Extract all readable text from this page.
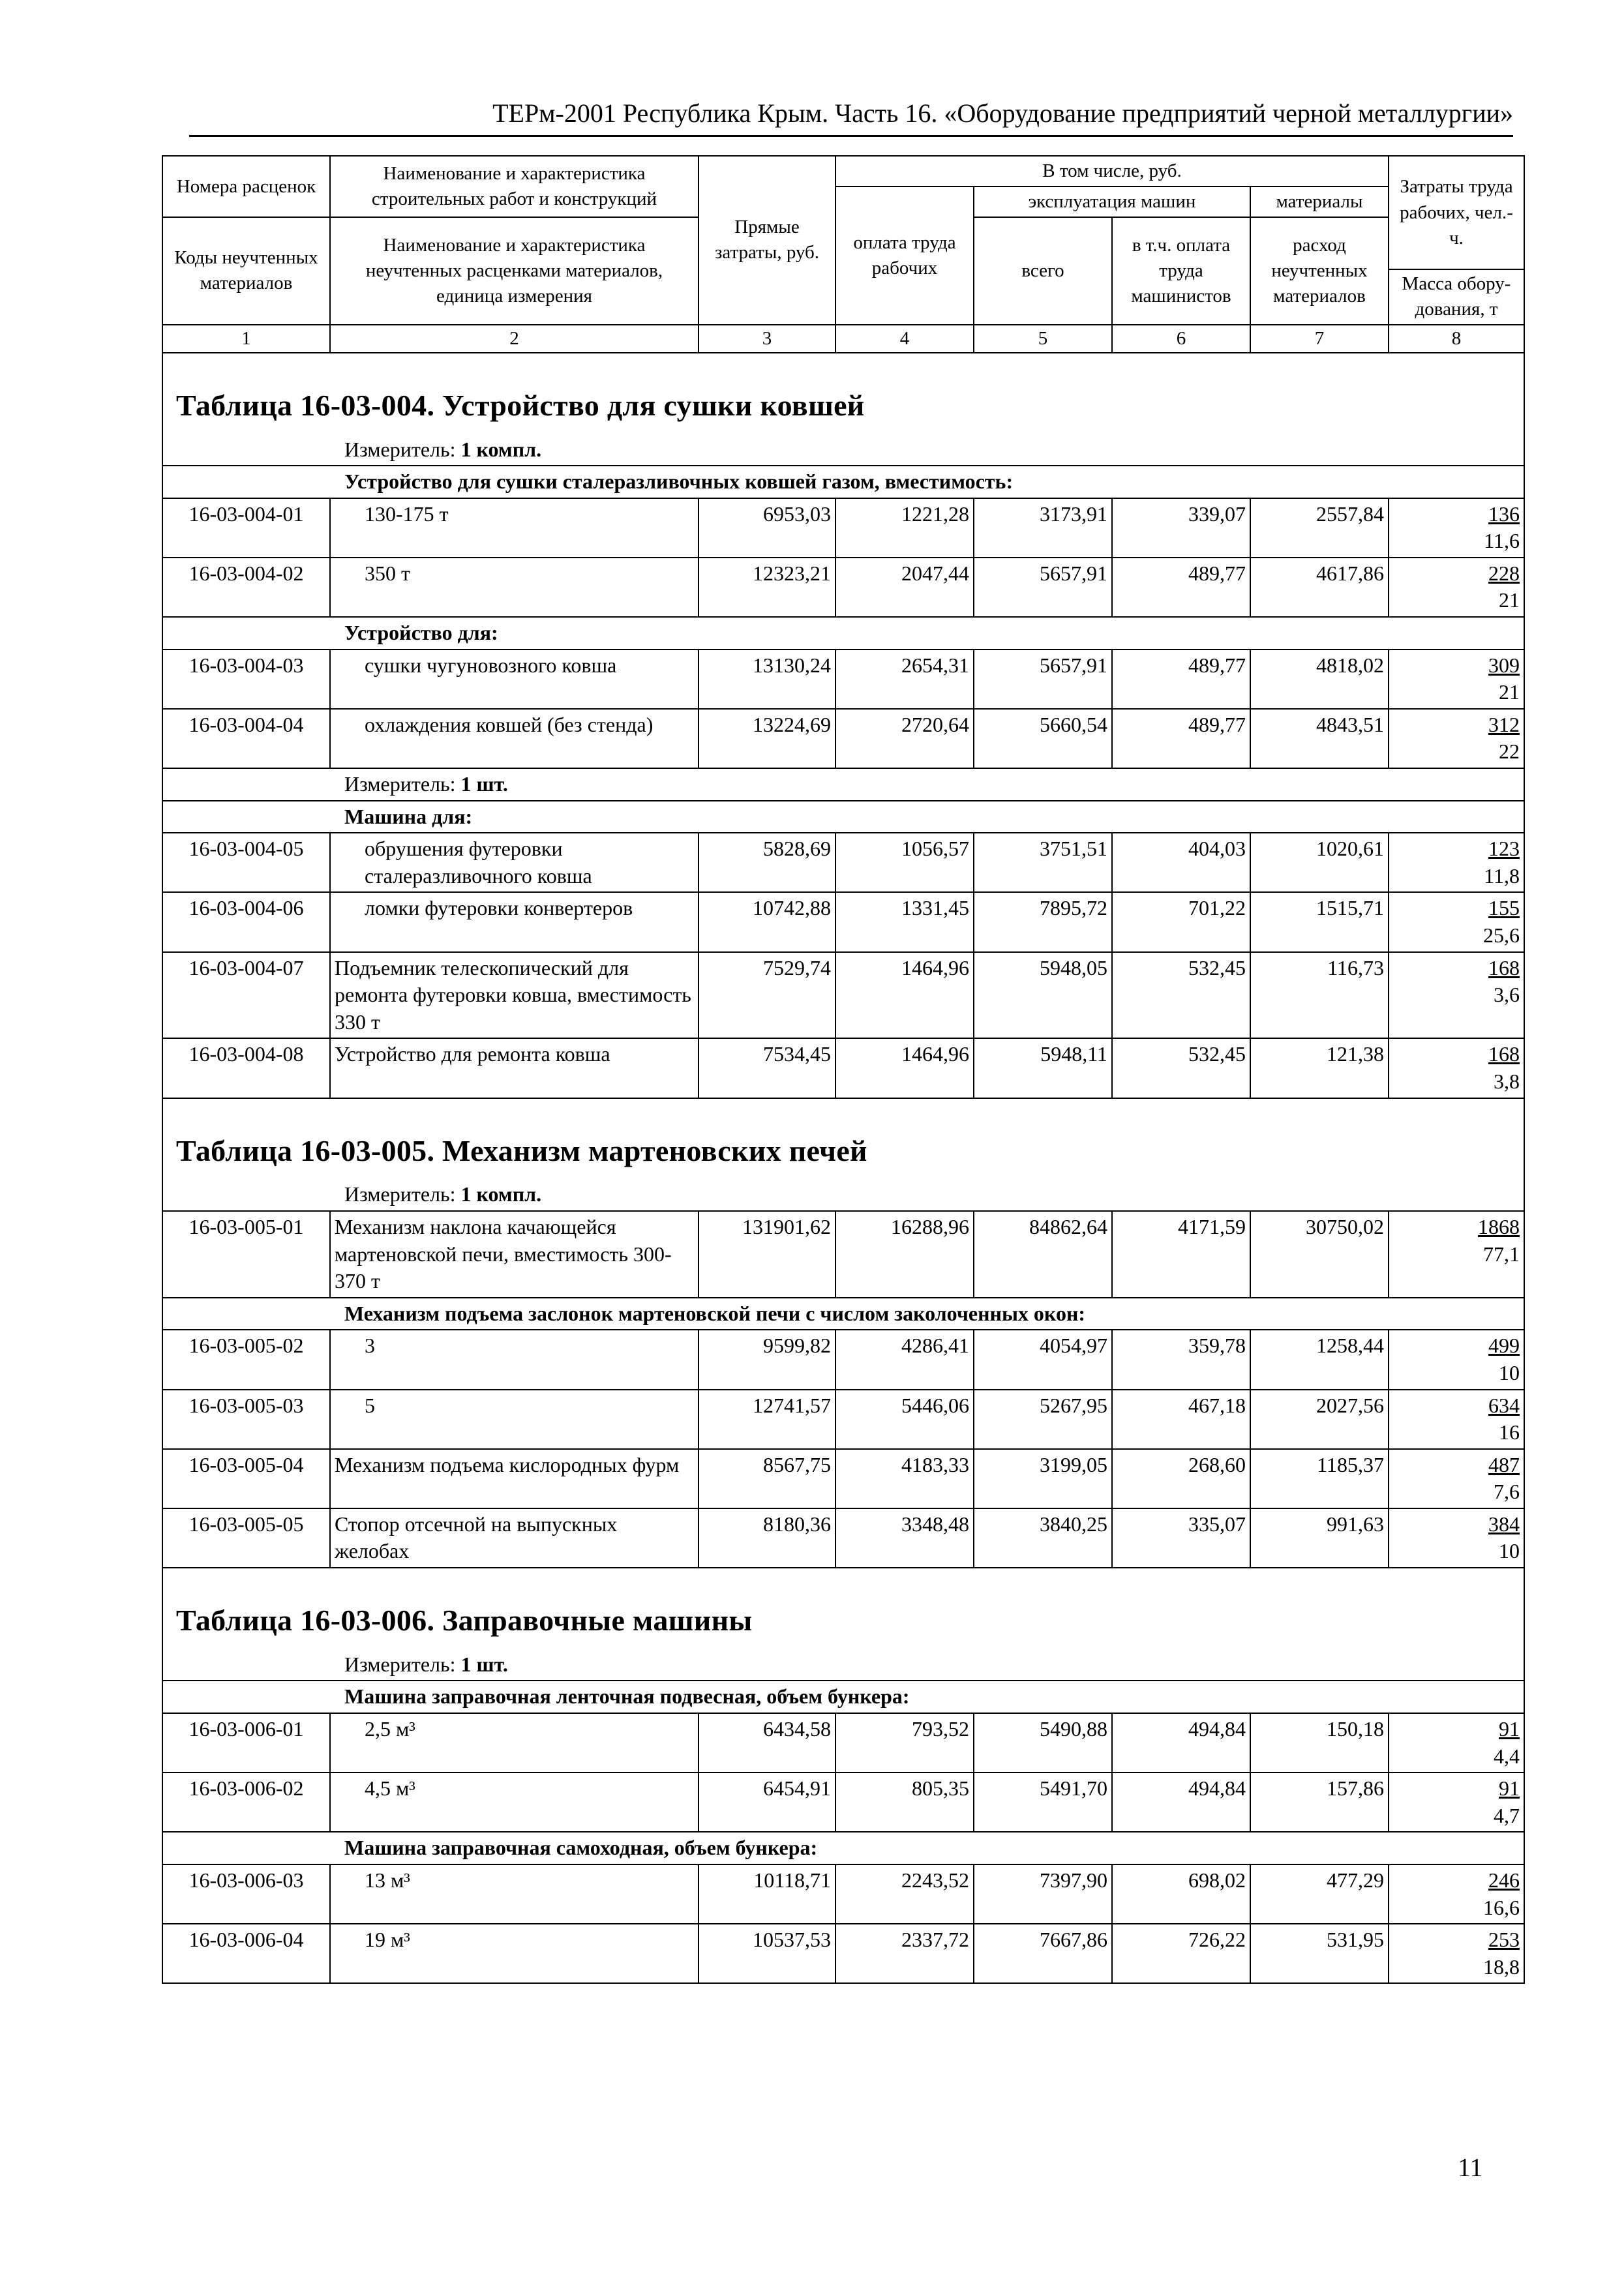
ТЕРм-2001 Республика Крым. Часть 16. «Оборудование предприятий черной металлургии»
Номера расценок	Наименование и характеристика строительных работ и конструкций	Прямые затраты, руб.	В том числе, руб.				Затраты труда рабочих, чел.-ч.
			оплата труда рабочих	эксплуатация машин		материалы	
Коды неучтенных материалов	Наименование и характеристика неучтенных расценками материалов, единица измерения			всего	в т.ч. оплата труда машинистов	расход неучтенных материалов	
							Масса обору-дования, т
1	2	3	4	5	6	7	8
Таблица 16-03-004. Устройство для сушки ковшей							
Измеритель: 1 компл.							
Устройство для сушки сталеразливочных ковшей газом, вместимость:							
16-03-004-01	130-175 т	6953,03	1221,28	3173,91	339,07	2557,84	136
11,6

16-03-004-02	350 т	12323,21	2047,44	5657,91	489,77	4617,86	228
21

Устройство для:							
16-03-004-03	сушки чугуновозного ковша	13130,24	2654,31	5657,91	489,77	4818,02	309
21

16-03-004-04	охлаждения ковшей (без стенда)	13224,69	2720,64	5660,54	489,77	4843,51	312
22

Измеритель: 1 шт.							
Машина для:							
16-03-004-05	обрушения футеровки сталеразливочного ковша	5828,69	1056,57	3751,51	404,03	1020,61	123
11,8

16-03-004-06	ломки футеровки конвертеров	10742,88	1331,45	7895,72	701,22	1515,71	155
25,6

16-03-004-07	Подъемник телескопический для ремонта футеровки ковша, вместимость 330 т	7529,74	1464,96	5948,05	532,45	116,73	168
3,6

16-03-004-08	Устройство для ремонта ковша	7534,45	1464,96	5948,11	532,45	121,38	168
3,8

Таблица 16-03-005. Механизм мартеновских печей							
Измеритель: 1 компл.							
16-03-005-01	Механизм наклона качающейся мартеновской печи, вместимость 300-370 т	131901,62	16288,96	84862,64	4171,59	30750,02	1868
77,1

Механизм подъема заслонок мартеновской печи с числом заколоченных окон:							
16-03-005-02	3	9599,82	4286,41	4054,97	359,78	1258,44	499
10

16-03-005-03	5	12741,57	5446,06	5267,95	467,18	2027,56	634
16

16-03-005-04	Механизм подъема кислородных фурм	8567,75	4183,33	3199,05	268,60	1185,37	487
7,6

16-03-005-05	Стопор отсечной на выпускных желобах	8180,36	3348,48	3840,25	335,07	991,63	384
10

Таблица 16-03-006. Заправочные машины							
Измеритель: 1 шт.							
Машина заправочная ленточная подвесная, объем бункера:							
16-03-006-01	2,5 м³	6434,58	793,52	5490,88	494,84	150,18	91
4,4

16-03-006-02	4,5 м³	6454,91	805,35	5491,70	494,84	157,86	91
4,7

Машина заправочная самоходная, объем бункера:							
16-03-006-03	13 м³	10118,71	2243,52	7397,90	698,02	477,29	246
16,6

16-03-006-04	19 м³	10537,53	2337,72	7667,86	726,22	531,95	253
18,8
11
